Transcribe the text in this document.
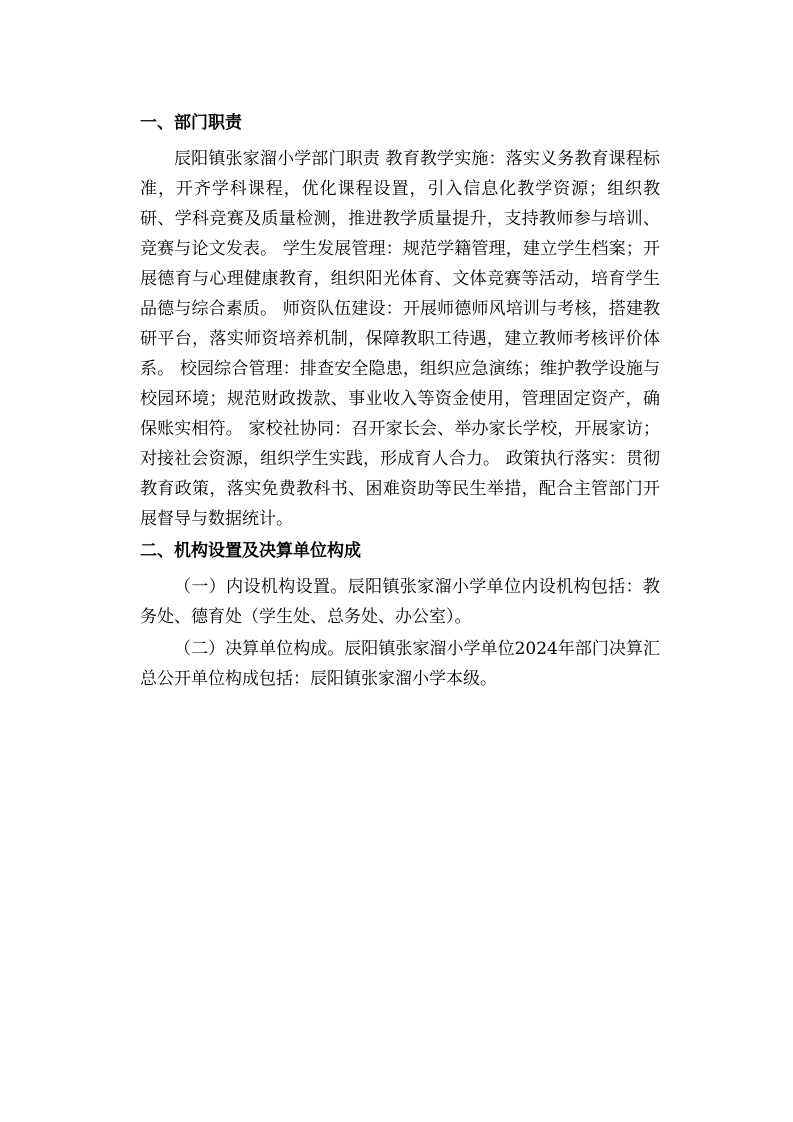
一、部门职责

辰阳镇张家溜小学部门职责 教育教学实施：落实义务教育课程标准，开齐学科课程，优化课程设置，引入信息化教学资源；组织教研、学科竞赛及质量检测，推进教学质量提升，支持教师参与培训、竞赛与论文发表。 学生发展管理：规范学籍管理，建立学生档案；开展德育与心理健康教育，组织阳光体育、文体竞赛等活动，培育学生品德与综合素质。 师资队伍建设：开展师德师风培训与考核，搭建教研平台，落实师资培养机制，保障教职工待遇，建立教师考核评价体系。 校园综合管理：排查安全隐患，组织应急演练；维护教学设施与校园环境；规范财政拨款、事业收入等资金使用，管理固定资产，确保账实相符。 家校社协同：召开家长会、举办家长学校，开展家访；对接社会资源，组织学生实践，形成育人合力。 政策执行落实：贯彻教育政策，落实免费教科书、困难资助等民生举措，配合主管部门开展督导与数据统计。

二、机构设置及决算单位构成

（一）内设机构设置。辰阳镇张家溜小学单位内设机构包括：教务处、德育处（学生处、总务处、办公室）。

（二）决算单位构成。辰阳镇张家溜小学单位2024年部门决算汇总公开单位构成包括：辰阳镇张家溜小学本级。
